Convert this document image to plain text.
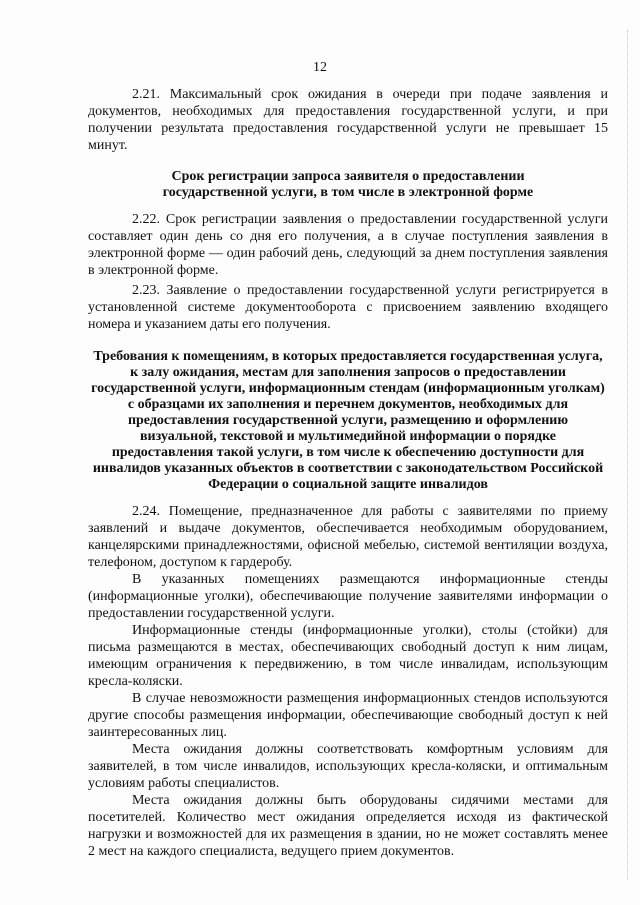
12

2.21. Максимальный срок ожидания в очереди при подаче заявления и документов, необходимых для предоставления государственной услуги, и при получении результата предоставления государственной услуги не превышает 15 минут.

Срок регистрации запроса заявителя о предоставлении государственной услуги, в том числе в электронной форме

2.22. Срок регистрации заявления о предоставлении государственной услуги составляет один день со дня его получения, а в случае поступления заявления в электронной форме — один рабочий день, следующий за днем поступления заявления в электронной форме.

2.23. Заявление о предоставлении государственной услуги регистрируется в установленной системе документооборота с присвоением заявлению входящего номера и указанием даты его получения.

Требования к помещениям, в которых предоставляется государственная услуга, к залу ожидания, местам для заполнения запросов о предоставлении государственной услуги, информационным стендам (информационным уголкам) с образцами их заполнения и перечнем документов, необходимых для предоставления государственной услуги, размещению и оформлению визуальной, текстовой и мультимедийной информации о порядке предоставления такой услуги, в том числе к обеспечению доступности для инвалидов указанных объектов в соответствии с законодательством Российской Федерации о социальной защите инвалидов

2.24. Помещение, предназначенное для работы с заявителями по приему заявлений и выдаче документов, обеспечивается необходимым оборудованием, канцелярскими принадлежностями, офисной мебелью, системой вентиляции воздуха, телефоном, доступом к гардеробу.

В указанных помещениях размещаются информационные стенды (информационные уголки), обеспечивающие получение заявителями информации о предоставлении государственной услуги.

Информационные стенды (информационные уголки), столы (стойки) для письма размещаются в местах, обеспечивающих свободный доступ к ним лицам, имеющим ограничения к передвижению, в том числе инвалидам, использующим кресла-коляски.

В случае невозможности размещения информационных стендов используются другие способы размещения информации, обеспечивающие свободный доступ к ней заинтересованных лиц.

Места ожидания должны соответствовать комфортным условиям для заявителей, в том числе инвалидов, использующих кресла-коляски, и оптимальным условиям работы специалистов.

Места ожидания должны быть оборудованы сидячими местами для посетителей. Количество мест ожидания определяется исходя из фактической нагрузки и возможностей для их размещения в здании, но не может составлять менее 2 мест на каждого специалиста, ведущего прием документов.
